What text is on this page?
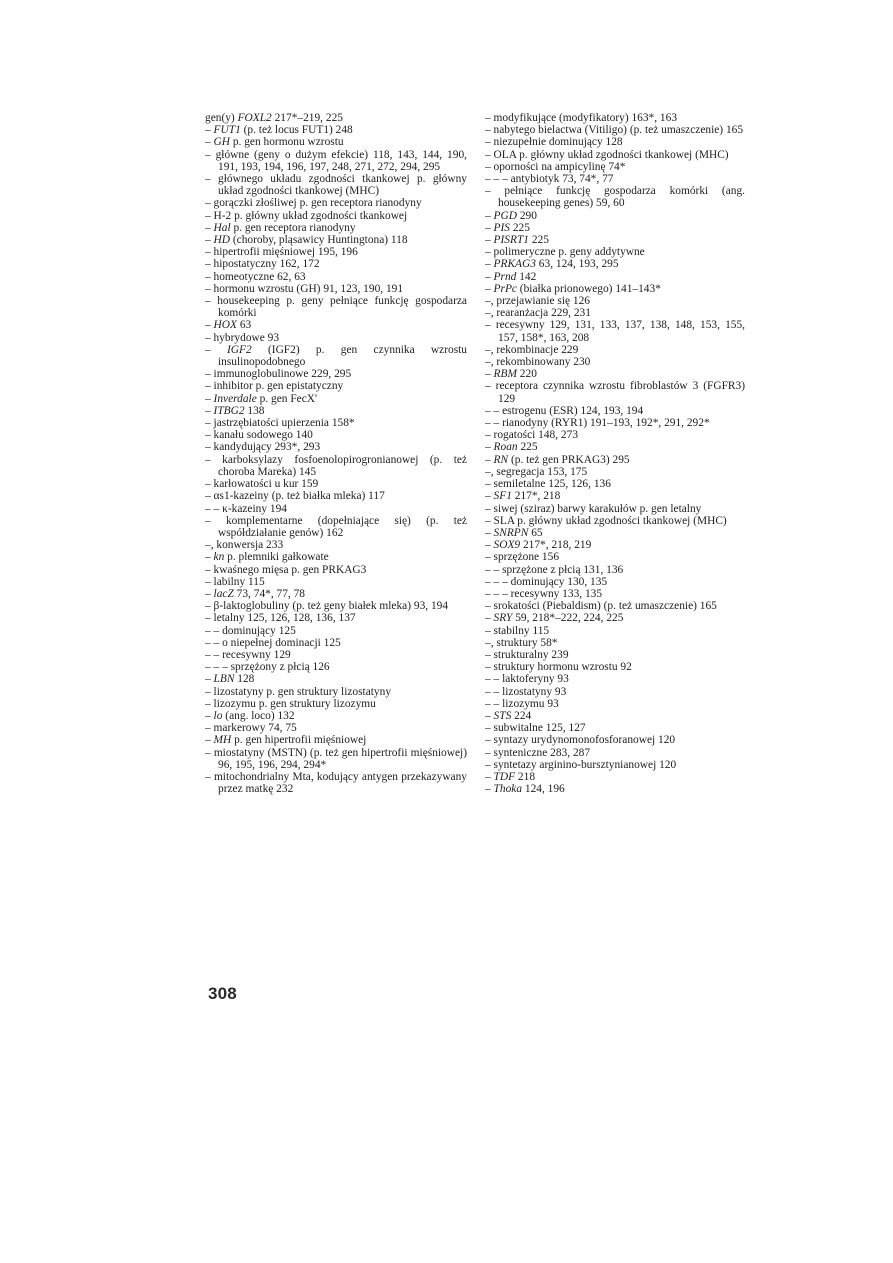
gen(y) FOXL2 217*–219, 225
– FUT1 (p. też locus FUT1) 248
– GH p. gen hormonu wzrostu
– główne (geny o dużym efekcie) 118, 143, 144, 190, 191, 193, 194, 196, 197, 248, 271, 272, 294, 295
– głównego układu zgodności tkankowej p. główny układ zgodności tkankowej (MHC)
– gorączki złośliwej p. gen receptora rianodyny
– H-2 p. główny układ zgodności tkankowej
– Hal p. gen receptora rianodyny
– HD (choroby, pląsawicy Huntingtona) 118
– hipertrofii mięśniowej 195, 196
– hipostatyczny 162, 172
– homeotyczne 62, 63
– hormonu wzrostu (GH) 91, 123, 190, 191
– housekeeping p. geny pełniące funkcję gospodarza komórki
– HOX 63
– hybrydowe 93
– IGF2 (IGF2) p. gen czynnika wzrostu insulinopodobnego
– immunoglobulinowe 229, 295
– inhibitor p. gen epistatyczny
– Inverdale p. gen FecX'
– ITBG2 138
– jastrzębiatości upierzenia 158*
– kanału sodowego 140
– kandydujący 293*, 293
– karboksylazy fosfoenolopirogronianowej (p. też choroba Mareka) 145
– karłowatości u kur 159
– αs1-kazeiny (p. też białka mleka) 117
– – κ-kazeiny 194
– komplementarne (dopełniające się) (p. też współdziałanie genów) 162
–, konwersja 233
– kn p. plemniki gałkowate
– kwaśnego mięsa p. gen PRKAG3
– labilny 115
– lacZ 73, 74*, 77, 78
– β-laktoglobuliny (p. też geny białek mleka) 93, 194
– letalny 125, 126, 128, 136, 137
– – dominujący 125
– – o niepełnej dominacji 125
– – recesywny 129
– – – sprzężony z płcią 126
– LBN 128
– lizostatyny p. gen struktury lizostatyny
– lizozymu p. gen struktury lizozymu
– lo (ang. loco) 132
– markerowy 74, 75
– MH p. gen hipertrofii mięśniowej
– miostatyny (MSTN) (p. też gen hipertrofii mięśniowej) 96, 195, 196, 294, 294*
– mitochondrialny Mta, kodujący antygen przekazywany przez matkę 232
– modyfikujące (modyfikatory) 163*, 163
– nabytego bielactwa (Vitiligo) (p. też umaszczenie) 165
– niezupełnie dominujący 128
– OLA p. główny układ zgodności tkankowej (MHC)
– oporności na ampicylinę 74*
– – – antybiotyk 73, 74*, 77
– pełniące funkcję gospodarza komórki (ang. housekeeping genes) 59, 60
– PGD 290
– PIS 225
– PISRT1 225
– polimeryczne p. geny addytywne
– PRKAG3 63, 124, 193, 295
– Prnd 142
– PrPc (białka prionowego) 141–143*
–, przejawianie się 126
–, rearanżacja 229, 231
– recesywny 129, 131, 133, 137, 138, 148, 153, 155, 157, 158*, 163, 208
–, rekombinacje 229
–, rekombinowany 230
– RBM 220
– receptora czynnika wzrostu fibroblastów 3 (FGFR3) 129
– – estrogenu (ESR) 124, 193, 194
– – rianodyny (RYR1) 191–193, 192*, 291, 292*
– rogatości 148, 273
– Roan 225
– RN (p. też gen PRKAG3) 295
–, segregacja 153, 175
– semiletalne 125, 126, 136
– SF1 217*, 218
– siwej (sziraz) barwy karakułów p. gen letalny
– SLA p. główny układ zgodności tkankowej (MHC)
– SNRPN 65
– SOX9 217*, 218, 219
– sprzężone 156
– – sprzężone z płcią 131, 136
– – – dominujący 130, 135
– – – recesywny 133, 135
– srokatości (Piebaldism) (p. też umaszczenie) 165
– SRY 59, 218*–222, 224, 225
– stabilny 115
–, struktury 58*
– strukturalny 239
– struktury hormonu wzrostu 92
– – laktoferyny 93
– – lizostatyny 93
– – lizozymu 93
– STS 224
– subwitalne 125, 127
– syntazy urydynomonofosforanowej 120
– synteniczne 283, 287
– syntetazy arginino-bursztynianowej 120
– TDF 218
– Thoka 124, 196
308
